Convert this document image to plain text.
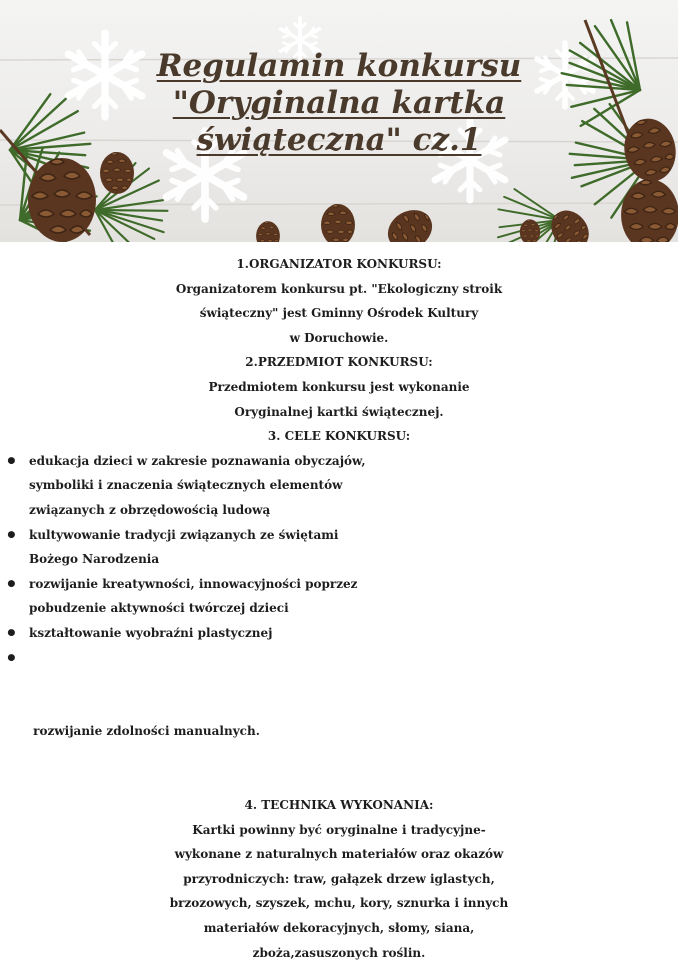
Regulamin konkursu
"Oryginalna kartka
świąteczna" cz.1
1.ORGANIZATOR KONKURSU:
Organizatorem konkursu pt. "Ekologiczny stroik
świąteczny" jest Gminny Ośrodek Kultury
w Doruchowie.
2.PRZEDMIOT KONKURSU:
Przedmiotem konkursu jest wykonanie
Oryginalnej kartki świątecznej.
3. CELE KONKURSU:
• edukacja dzieci w zakresie poznawania obyczajów,
symboliki i znaczenia świątecznych elementów
związanych z obrzędowością ludową
• kultywowanie tradycji związanych ze świętami
Bożego Narodzenia
• rozwijanie kreatywności, innowacyjności poprzez
pobudzenie aktywności twórczej dzieci
• kształtowanie wyobraźni plastycznej

•

rozwijanie zdolności manualnych.

4. TECHNIKA WYKONANIA:
Kartki powinny być oryginalne i tradycyjne-
wykonane z naturalnych materiałów oraz okazów
przyrodniczych: traw, gałązek drzew iglastych,
brzozowych, szyszek, mchu, kory, sznurka i innych
materiałów dekoracyjnych, słomy, siana,
zboża,zasuszonych roślin.
